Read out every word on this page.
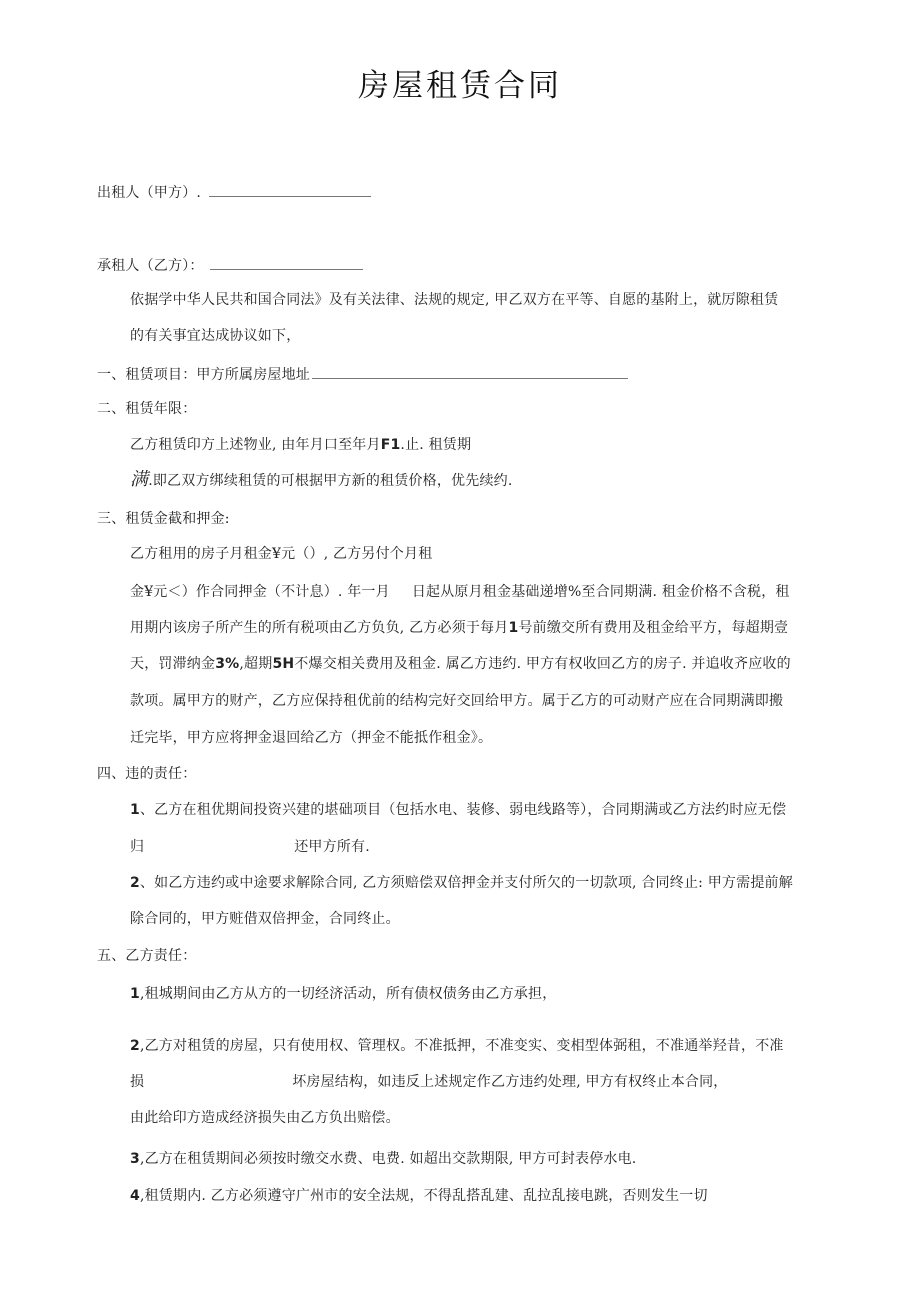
房屋租赁合同
出租人（甲方）.
承租人（乙方）：
依据学中华人民共和国合同法》及有关法律、法规的规定, 甲乙双方在平等、自愿的基附上，就厉隙租赁
的有关事宜达成协议如下，
一、租赁项目：甲方所属房屋地址
二、租赁年限：
乙方租赁印方上述物业, 由年月口至年月F1.止. 租赁期
满.即乙双方绑续租赁的可根据甲方新的租赁价格，优先续约.
三、租赁金截和押金:
乙方租用的房子月租金¥元（）, 乙方另付个月租
金¥元＜）作合同押金（不计息）. 年一月 日起从原月租金基础递增%至合同期满. 租金价格不含税，租
用期内该房子所产生的所有税项由乙方负负, 乙方必须于每月1号前缴交所有费用及租金给平方，每超期壹
天，罚滞纳金3%,超期5H不爆交相关费用及租金. 属乙方违约. 甲方有权收回乙方的房子. 并追收齐应收的
款项。属甲方的财产，乙方应保持租优前的结构完好交回给甲方。属于乙方的可动财产应在合同期满即搬
迁完毕，甲方应将押金退回给乙方（押金不能抵作租金》。
四、违的责任：
1、乙方在租优期间投资兴建的堪础项目（包括水电、装修、弱电线路等），合同期满或乙方法约时应无偿
归	还甲方所有.
2、如乙方违约或中途要求解除合同, 乙方须赔偿双倍押金并支付所欠的一切款项, 合同终止: 甲方需提前解
除合同的，甲方赃借双倍押金，合同终止。
五、乙方责任：
1,租城期间由乙方从方的一切经济活动，所有债权债务由乙方承担，
2,乙方对租赁的房屋，只有使用权、管理权。不准抵押，不准变实、变相型体弼租，不准通举羟昔，不准
损	坏房屋结构，如违反上述规定作乙方违约处理, 甲方有权终止本合同，
由此给印方造成经济损失由乙方负出赔偿。
3,乙方在租赁期间必须按时缴交水费、电费. 如超出交款期限, 甲方可封表停水电.
4,租赁期内. 乙方必须遵守广州市的安全法规，不得乱搭乱建、乱拉乱接电跳，否则发生一切
